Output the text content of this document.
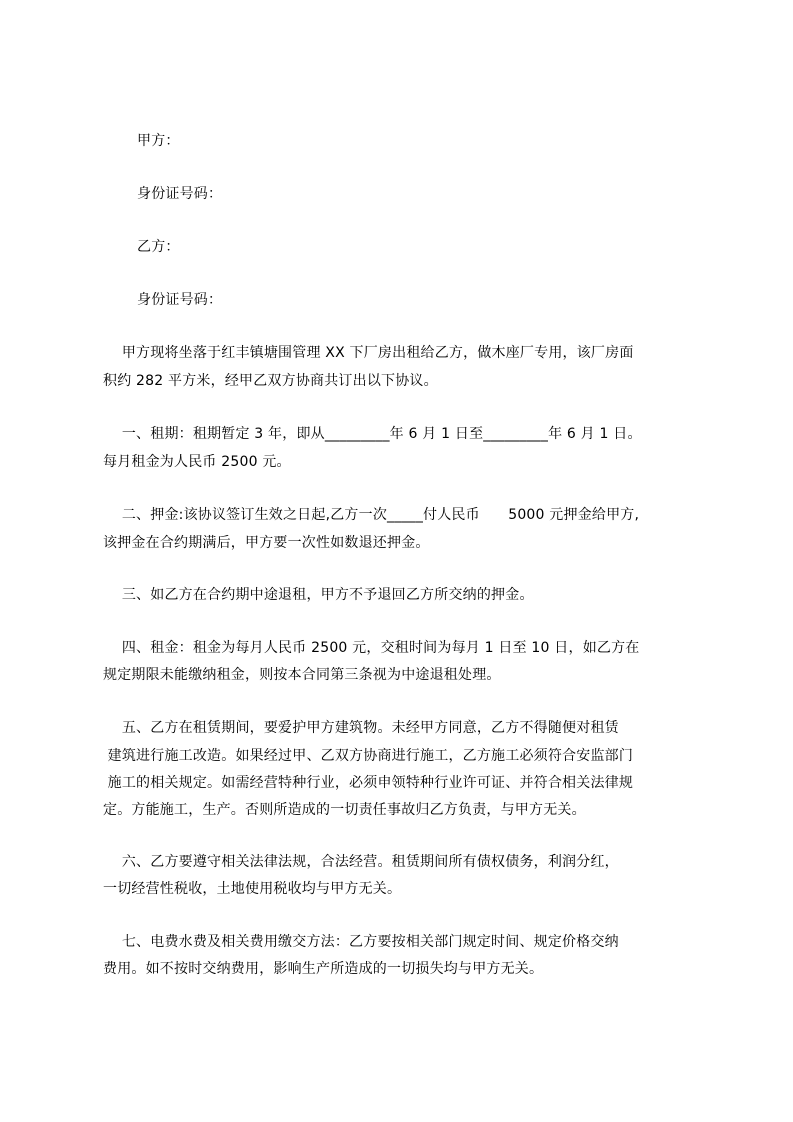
甲方：
身份证号码：
乙方：
身份证号码：
　 甲方现将坐落于红丰镇塘围管理 XX 下厂房出租给乙方，做木座厂专用，该厂房面
积约 282 平方米，经甲乙双方协商共订出以下协议。
　 一、租期：租期暂定 3 年，即从_________年 6 月 1 日至_________年 6 月 1 日。
每月租金为人民币 2500 元。
　 二、押金:该协议签订生效之日起,乙方一次_____付人民币　　5000 元押金给甲方,
该押金在合约期满后，甲方要一次性如数退还押金。
　 三、如乙方在合约期中途退租，甲方不予退回乙方所交纳的押金。
　 四、租金：租金为每月人民币 2500 元，交租时间为每月 1 日至 10 日，如乙方在
规定期限未能缴纳租金，则按本合同第三条视为中途退租处理。
　 五、乙方在租赁期间，要爱护甲方建筑物。未经甲方同意，乙方不得随便对租赁
建筑进行施工改造。如果经过甲、乙双方协商进行施工，乙方施工必须符合安监部门
施工的相关规定。如需经营特种行业，必须申领特种行业许可证、并符合相关法律规
定。方能施工，生产。否则所造成的一切责任事故归乙方负责，与甲方无关。
　 六、乙方要遵守相关法律法规，合法经营。租赁期间所有债权债务，利润分红，
一切经营性税收，土地使用税收均与甲方无关。
　 七、电费水费及相关费用缴交方法：乙方要按相关部门规定时间、规定价格交纳
费用。如不按时交纳费用，影响生产所造成的一切损失均与甲方无关。
